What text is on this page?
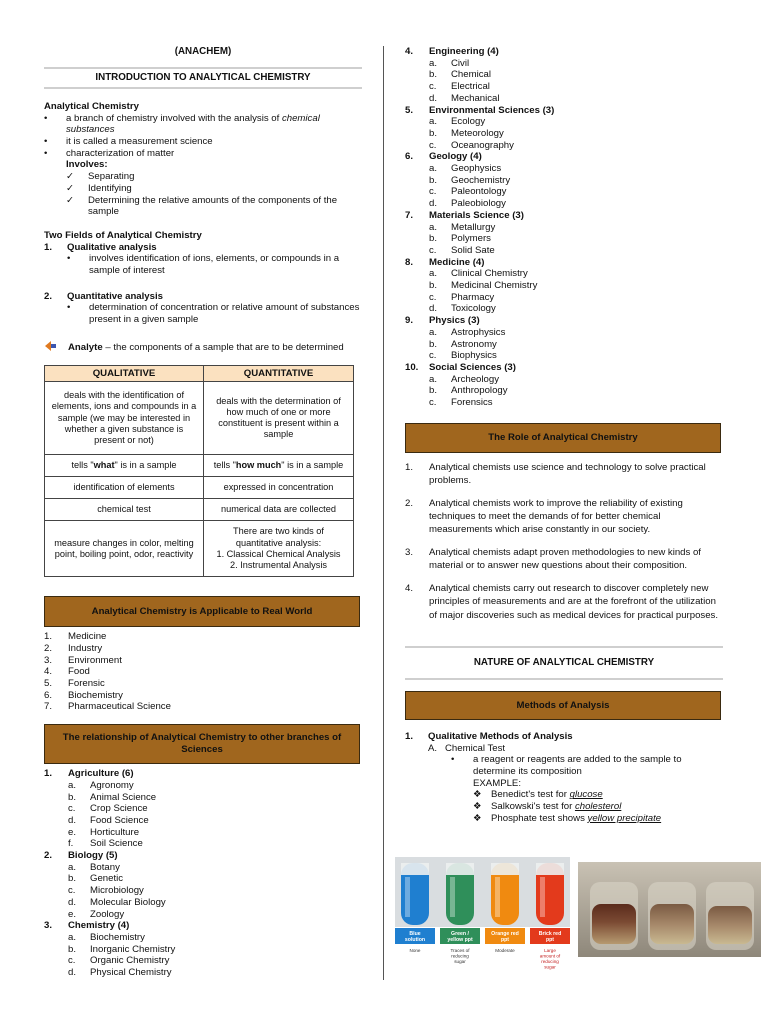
(ANACHEM)
INTRODUCTION TO ANALYTICAL CHEMISTRY
Analytical Chemistry
•	a branch of chemistry involved with the analysis of chemical substances
•	it is called a measurement science
•	characterization of matter
Involves:
✓	Separating
✓	Identifying
✓	Determining the relative amounts of the components of the sample
Two Fields of Analytical Chemistry
1.	Qualitative analysis
•	involves identification of ions, elements, or compounds in a sample of interest
2.	Quantitative analysis
•	determination of concentration or relative amount of substances present in a given sample
Analyte – the components of a sample that are to be determined
QUALITATIVE	QUANTITATIVE
deals with the identification of elements, ions and compounds in a sample (we may be interested in whether a given substance is present or not)	deals with the determination of how much of one or more constituent is present within a sample
tells "what" is in a sample	tells "how much" is in a sample
identification of elements	expressed in concentration
chemical test	numerical data are collected
measure changes in color, melting point, boiling point, odor, reactivity	There are two kinds of quantitative analysis:
1. Classical Chemical Analysis
2. Instrumental Analysis
Analytical Chemistry is Applicable to Real World
1.	Medicine
2.	Industry
3.	Environment
4.	Food
5.	Forensic
6.	Biochemistry
7.	Pharmaceutical Science
The relationship of Analytical Chemistry to other branches of Sciences
1.	Agriculture (6)
a.	Agronomy
b.	Animal Science
c.	Crop Science
d.	Food Science
e.	Horticulture
f.	Soil Science
2.	Biology (5)
a.	Botany
b.	Genetic
c.	Microbiology
d.	Molecular Biology
e.	Zoology
3.	Chemistry (4)
a.	Biochemistry
b.	Inorganic Chemistry
c.	Organic Chemistry
d.	Physical Chemistry
4.	Engineering (4)
a.	Civil
b.	Chemical
c.	Electrical
d.	Mechanical
5.	Environmental Sciences (3)
a.	Ecology
b.	Meteorology
c.	Oceanography
6.	Geology (4)
a.	Geophysics
b.	Geochemistry
c.	Paleontology
d.	Paleobiology
7.	Materials Science (3)
a.	Metallurgy
b.	Polymers
c.	Solid Sate
8.	Medicine (4)
a.	Clinical Chemistry
b.	Medicinal Chemistry
c.	Pharmacy
d.	Toxicology
9.	Physics (3)
a.	Astrophysics
b.	Astronomy
c.	Biophysics
10.	Social Sciences (3)
a.	Archeology
b.	Anthropology
c.	Forensics
The Role of Analytical Chemistry
1.	Analytical chemists use science and technology to solve practical problems.
2.	Analytical chemists work to improve the reliability of existing techniques to meet the demands of for better chemical measurements which arise constantly in our society.
3.	Analytical chemists adapt proven methodologies to new kinds of material or to answer new questions about their composition.
4.	Analytical chemists carry out research to discover completely new principles of measurements and are at the forefront of the utilization of major discoveries such as medical devices for practical purposes.
NATURE OF ANALYTICAL CHEMISTRY
Methods of Analysis
1.	Qualitative Methods of Analysis
A. Chemical Test
•	a reagent or reagents are added to the sample to determine its composition
EXAMPLE:
❖ Benedict's test for glucose
❖ Salkowski's test for cholesterol
❖ Phosphate test shows yellow precipitate
Blue
solution
None
Green /
yellow ppt
Traces of
reducing
sugar
Orange red
ppt
Moderate
Brick red
ppt
Large
amount of
reducing
sugar
